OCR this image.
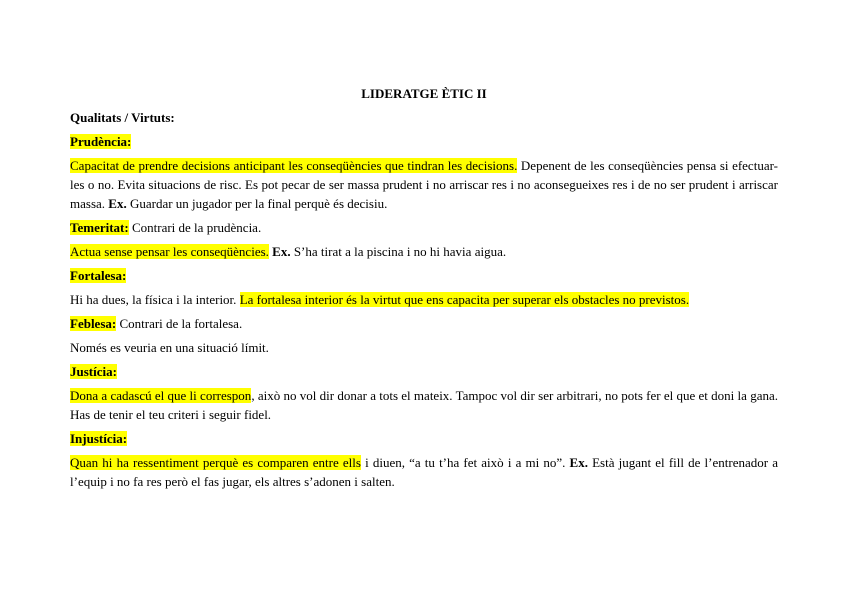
LIDERATGE ÈTIC II
Qualitats / Virtuts:
Prudència:
Capacitat de prendre decisions anticipant les conseqüències que tindran les decisions. Depenent de les conseqüències pensa si efectuar-les o no. Evita situacions de risc. Es pot pecar de ser massa prudent i no arriscar res i no aconsegueixes res i de no ser prudent i arriscar massa. Ex. Guardar un jugador per la final perquè és decisiu.
Temeritat: Contrari de la prudència.
Actua sense pensar les conseqüències. Ex. S’ha tirat a la piscina i no hi havia aigua.
Fortalesa:
Hi ha dues, la física i la interior. La fortalesa interior és la virtut que ens capacita per superar els obstacles no previstos.
Feblesa: Contrari de la fortalesa.
Només es veuria en una situació límit.
Justícia:
Dona a cadascú el que li correspon, això no vol dir donar a tots el mateix. Tampoc vol dir ser arbitrari, no pots fer el que et doni la gana. Has de tenir el teu criteri i seguir fidel.
Injustícia:
Quan hi ha ressentiment perquè es comparen entre ells i diuen, “a tu t’ha fet això i a mi no”. Ex. Està jugant el fill de l’entrenador a l’equip i no fa res però el fas jugar, els altres s’adonen i salten.
